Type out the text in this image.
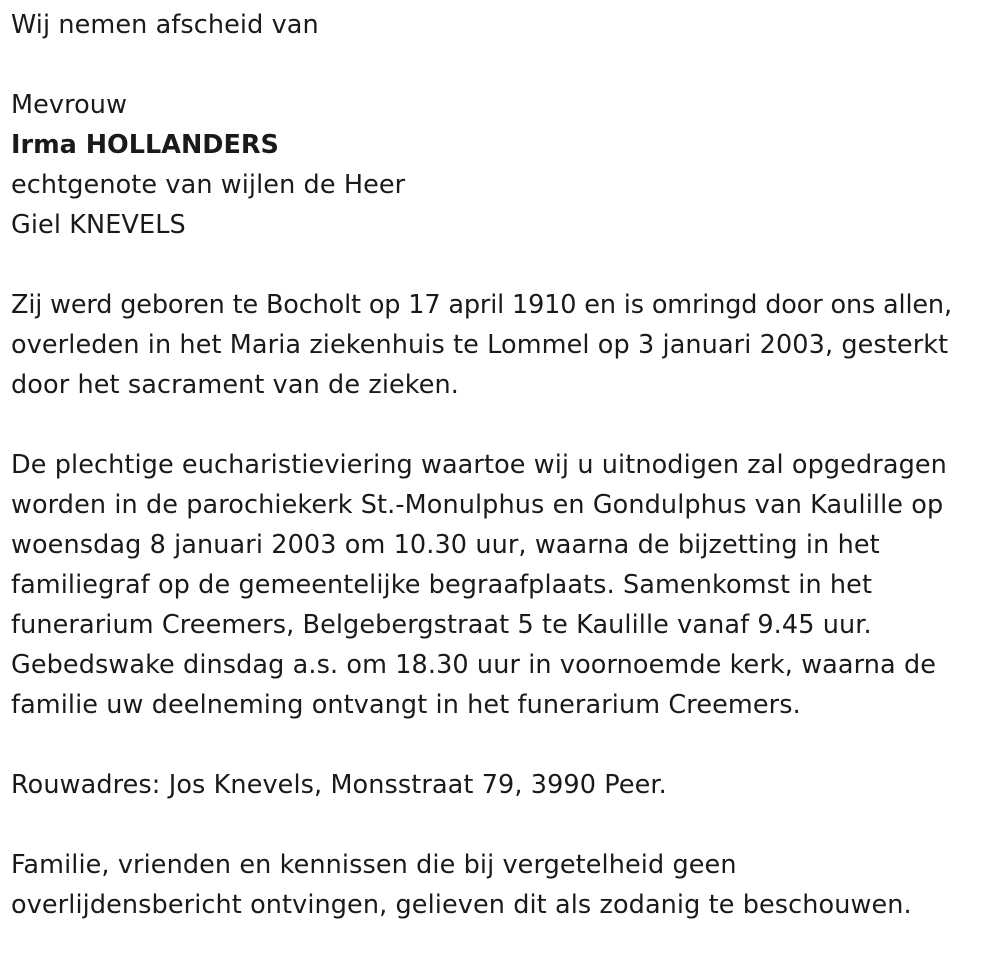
Wij nemen afscheid van
Mevrouw
Irma HOLLANDERS
echtgenote van wijlen de Heer
Giel KNEVELS
Zij werd geboren te Bocholt op 17 april 1910 en is omringd door ons allen,
overleden in het Maria ziekenhuis te Lommel op 3 januari 2003, gesterkt
door het sacrament van de zieken.
De plechtige eucharistieviering waartoe wij u uitnodigen zal opgedragen
worden in de parochiekerk St.-Monulphus en Gondulphus van Kaulille op
woensdag 8 januari 2003 om 10.30 uur, waarna de bijzetting in het
familiegraf op de gemeentelijke begraafplaats. Samenkomst in het
funerarium Creemers, Belgebergstraat 5 te Kaulille vanaf 9.45 uur.
Gebedswake dinsdag a.s. om 18.30 uur in voornoemde kerk, waarna de
familie uw deelneming ontvangt in het funerarium Creemers.
Rouwadres: Jos Knevels, Monsstraat 79, 3990 Peer.
Familie, vrienden en kennissen die bij vergetelheid geen
overlijdensbericht ontvingen, gelieven dit als zodanig te beschouwen.
